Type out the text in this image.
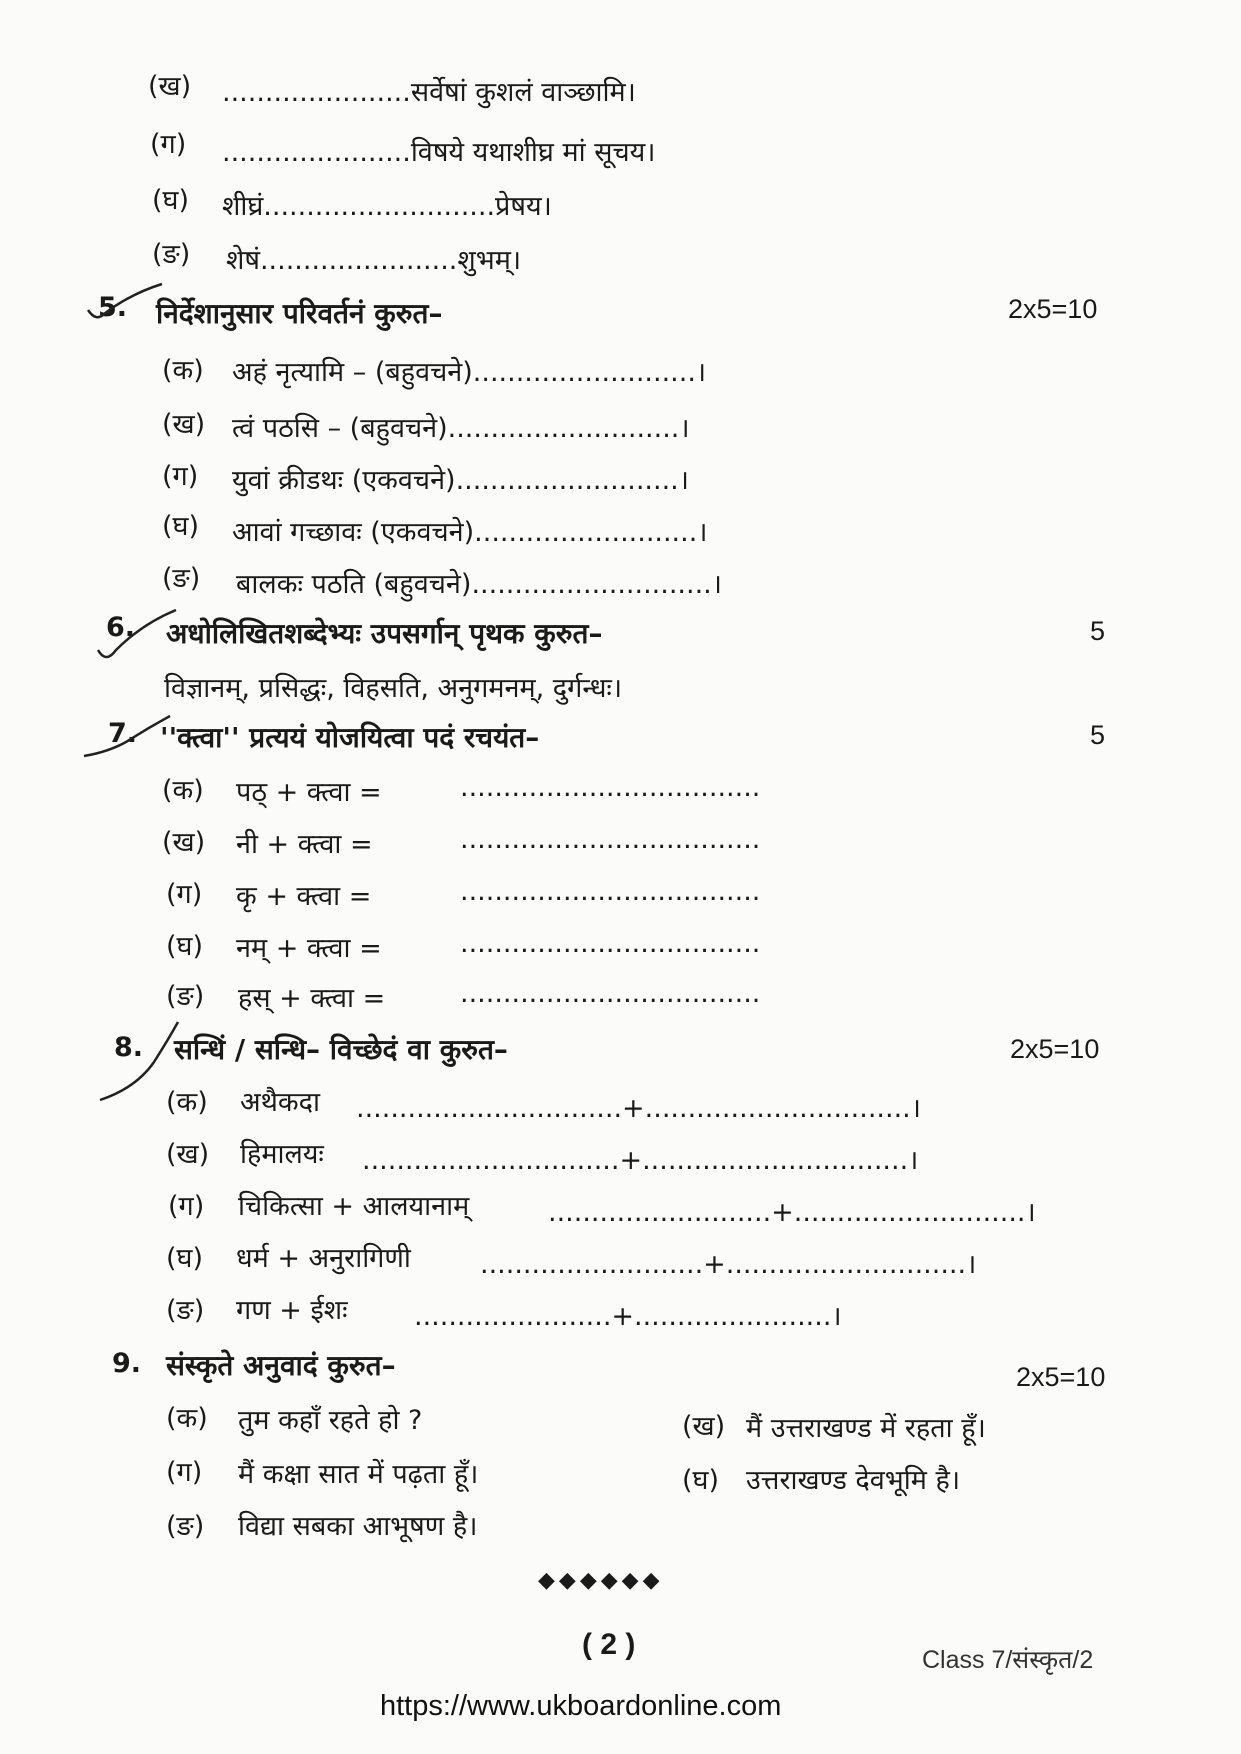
(ख) ......................सर्वेषां कुशलं वाञ्छामि।
(ग) ......................विषये यथाशीघ्र मां सूचय।
(घ) शीघ्रं...........................प्रेषय।
(ङ) शेषं.......................शुभम्।
5. निर्देशानुसार परिवर्तनं कुरुत–	2x5=10
(क) अहं नृत्यामि – (बहुवचने)..........................।
(ख) त्वं पठसि – (बहुवचने)...........................।
(ग) युवां क्रीडथः (एकवचने)..........................।
(घ) आवां गच्छावः (एकवचने)..........................।
(ङ) बालकः पठति (बहुवचने)............................।
6. अधोलिखितशब्देभ्यः उपसर्गान् पृथक कुरुत–	5
विज्ञानम्, प्रसिद्धः, विहसति, अनुगमनम्, दुर्गन्धः।
7. ''क्त्वा'' प्रत्ययं योजयित्वा पदं रचयंत–	5
(क) पठ् + क्त्वा =	...................................
(ख) नी + क्त्वा =	...................................
(ग) कृ + क्त्वा =	...................................
(घ) नम् + क्त्वा =	...................................
(ङ) हस् + क्त्वा =	...................................
8. सन्धिं / सन्धि– विच्छेदं वा कुरुत–	2x5=10
(क) अथैकदा ...............................+...............................।
(ख) हिमालयः ..............................+...............................।
(ग) चिकित्सा + आलयानाम्	..........................+...........................।
(घ) धर्म + अनुरागिणी	..........................+............................।
(ङ) गण + ईशः .......................+.......................।
9. संस्कृते अनुवादं कुरुत–	2x5=10
(क) तुम कहाँ रहते हो ?	(ख) मैं उत्तराखण्ड में रहता हूँ।
(ग) मैं कक्षा सात में पढ़ता हूँ।	(घ) उत्तराखण्ड देवभूमि है।
(ङ) विद्या सबका आभूषण है।
◆◆◆◆◆◆
( 2 )	Class 7/संस्कृत/2
https://www.ukboardonline.com
